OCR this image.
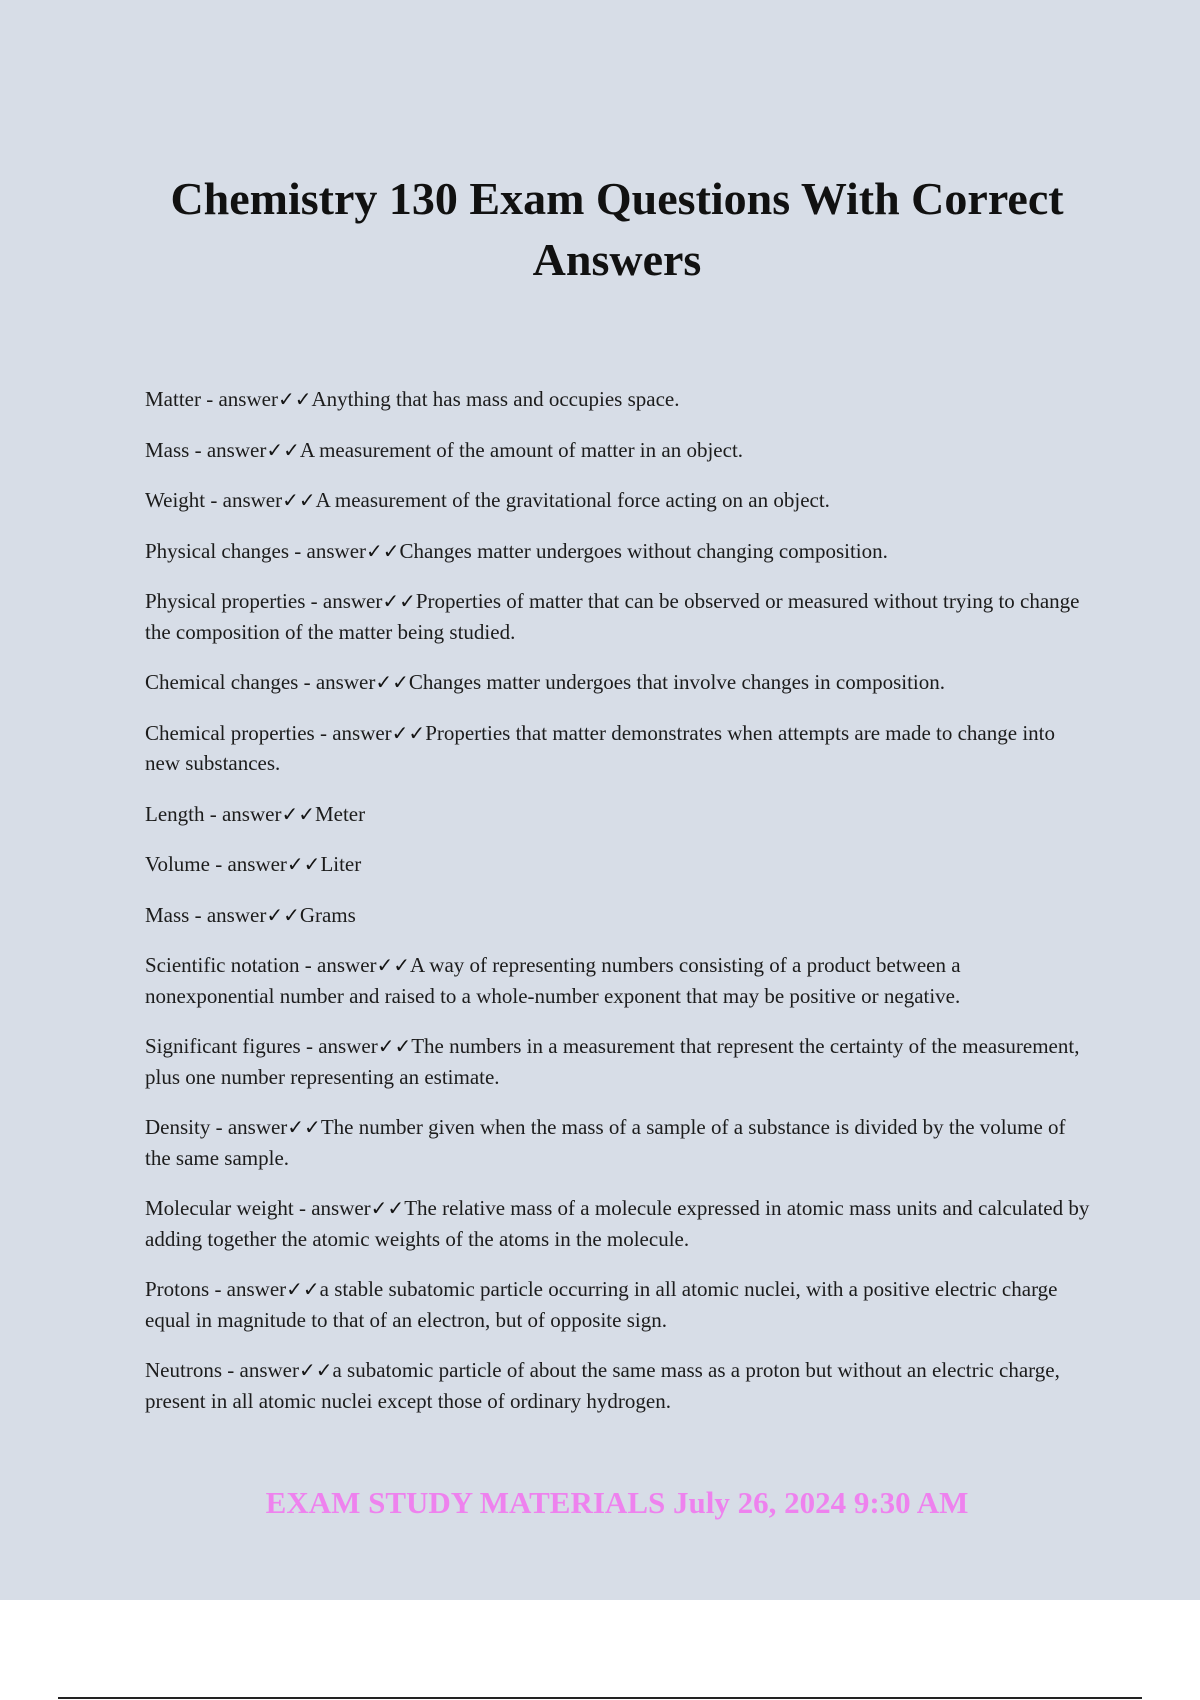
Chemistry 130 Exam Questions With Correct Answers
Matter - answer✓✓Anything that has mass and occupies space.
Mass - answer✓✓A measurement of the amount of matter in an object.
Weight - answer✓✓A measurement of the gravitational force acting on an object.
Physical changes - answer✓✓Changes matter undergoes without changing composition.
Physical properties - answer✓✓Properties of matter that can be observed or measured without trying to change the composition of the matter being studied.
Chemical changes - answer✓✓Changes matter undergoes that involve changes in composition.
Chemical properties - answer✓✓Properties that matter demonstrates when attempts are made to change into new substances.
Length - answer✓✓Meter
Volume - answer✓✓Liter
Mass - answer✓✓Grams
Scientific notation - answer✓✓A way of representing numbers consisting of a product between a nonexponential number and raised to a whole-number exponent that may be positive or negative.
Significant figures - answer✓✓The numbers in a measurement that represent the certainty of the measurement, plus one number representing an estimate.
Density - answer✓✓The number given when the mass of a sample of a substance is divided by the volume of the same sample.
Molecular weight - answer✓✓The relative mass of a molecule expressed in atomic mass units and calculated by adding together the atomic weights of the atoms in the molecule.
Protons - answer✓✓a stable subatomic particle occurring in all atomic nuclei, with a positive electric charge equal in magnitude to that of an electron, but of opposite sign.
Neutrons - answer✓✓a subatomic particle of about the same mass as a proton but without an electric charge, present in all atomic nuclei except those of ordinary hydrogen.
EXAM STUDY MATERIALS July 26, 2024 9:30 AM
